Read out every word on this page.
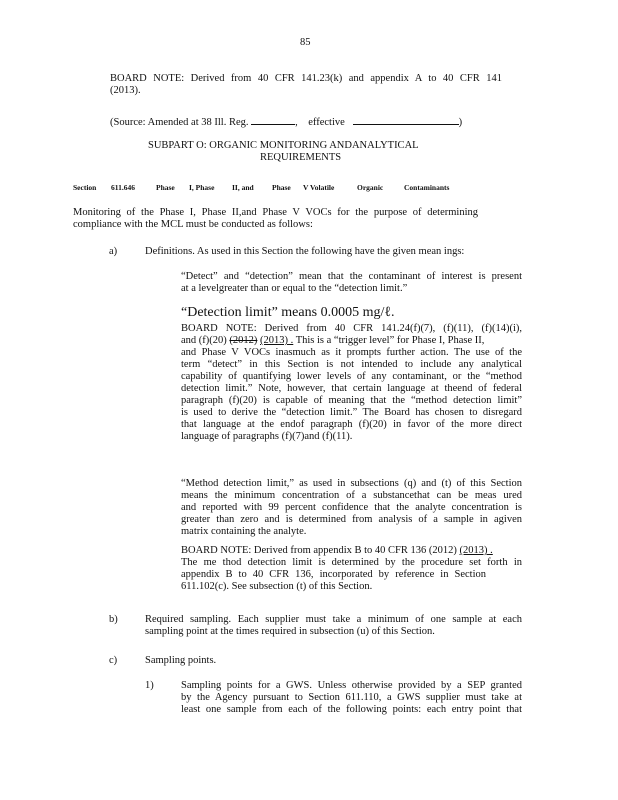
85
BOARD NOTE: Derived from 40 CFR 141.23(k) and appendix A to 40 CFR 141
(2013).
(Source: Amended at 38 Ill. Reg.	, effective	)
SUBPART O: ORGANIC MONITORING ANDANALYTICAL
REQUIREMENTS
Section 611.646	Phase I, Phase II, and Phase V Volatile	Organic	Contaminants
Monitoring of the Phase I, Phase II,and Phase V VOCs for the purpose of determining
compliance with the MCL must be conducted as follows:
a)	Definitions. As used in this Section the following have the given mean ings:
“Detect” and “detection” mean that the contaminant of interest is present
at a levelgreater than or equal to the “detection limit.”
“Detection limit” means 0.0005 mg/ℓ.
BOARD NOTE: Derived from 40 CFR 141.24(f)(7), (f)(11), (f)(14)(i),
and (f)(20) (2012) (2013) . This is a “trigger level” for Phase I, Phase II,
and Phase V VOCs inasmuch as it prompts further action. The use of the
term “detect” in this Section is not intended to include any analytical
capability of quantifying lower levels of any contaminant, or the “method
detection limit.” Note, however, that certain language at theend of federal
paragraph (f)(20) is capable of meaning that the “method detection limit”
is used to derive the “detection limit.” The Board has chosen to disregard
that language at the endof paragraph (f)(20) in favor of the more direct
language of paragraphs (f)(7)and (f)(11).
“Method detection limit,” as used in subsections (q) and (t) of this Section
means the minimum concentration of a substancethat can be meas ured
and reported with 99 percent confidence that the analyte concentration is
greater than zero and is determined from analysis of a sample in agiven
matrix containing the analyte.
BOARD NOTE: Derived from appendix B to 40 CFR 136 (2012) (2013) .
The me thod detection limit is determined by the procedure set forth in
appendix B to 40 CFR 136, incorporated by reference in Section
611.102(c). See subsection (t) of this Section.
b)	Required sampling. Each supplier must take a minimum of one sample at each
sampling point at the times required in subsection (u) of this Section.
c)	Sampling points.
1)	Sampling points for a GWS. Unless otherwise provided by a SEP granted
by the Agency pursuant to Section 611.110, a GWS supplier must take at
least one sample from each of the following points: each entry point that
